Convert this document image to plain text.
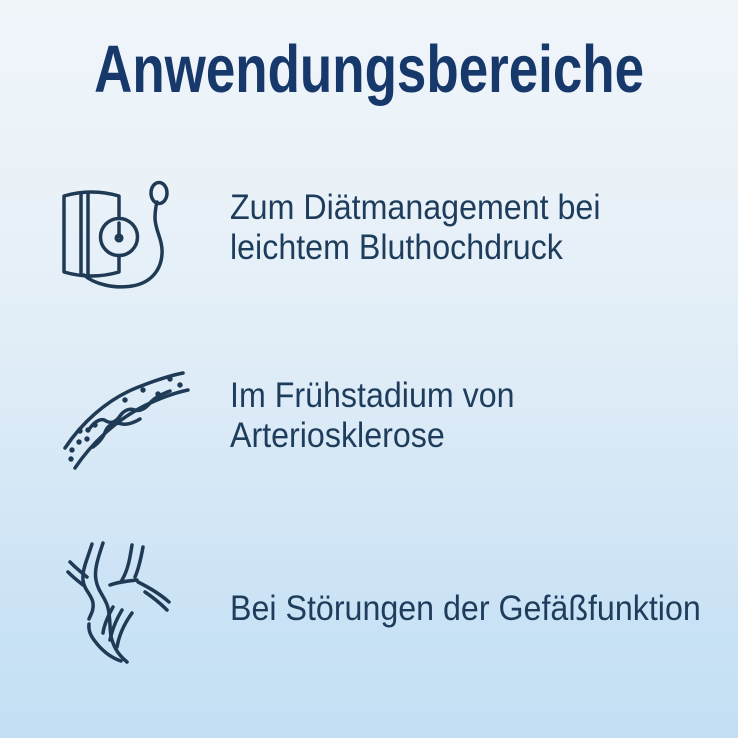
Anwendungsbereiche
Zum Diätmanagement bei
leichtem Bluthochdruck
Im Frühstadium von
Arteriosklerose
Bei Störungen der Gefäßfunktion
